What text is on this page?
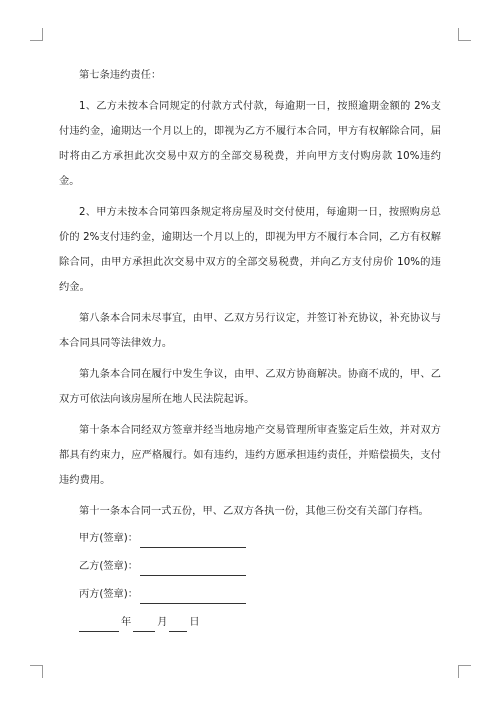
第七条违约责任：

1、乙方未按本合同规定的付款方式付款，每逾期一日，按照逾期金额的 2%支付违约金，逾期达一个月以上的，即视为乙方不履行本合同，甲方有权解除合同，届时将由乙方承担此次交易中双方的全部交易税费，并向甲方支付购房款 10%违约金。

2、甲方未按本合同第四条规定将房屋及时交付使用，每逾期一日，按照购房总价的 2%支付违约金，逾期达一个月以上的，即视为甲方不履行本合同，乙方有权解除合同，由甲方承担此次交易中双方的全部交易税费，并向乙方支付房价 10%的违约金。

第八条本合同未尽事宜，由甲、乙双方另行议定，并签订补充协议，补充协议与本合同具同等法律效力。

第九条本合同在履行中发生争议，由甲、乙双方协商解决。协商不成的，甲、乙双方可依法向该房屋所在地人民法院起诉。

第十条本合同经双方签章并经当地房地产交易管理所审查鉴定后生效，并对双方都具有约束力，应严格履行。如有违约，违约方愿承担违约责任，并赔偿损失，支付违约费用。

第十一条本合同一式五份，甲、乙双方各执一份，其他三份交有关部门存档。

甲方(签章)：
乙方(签章)：
丙方(签章)：
年	月 日
